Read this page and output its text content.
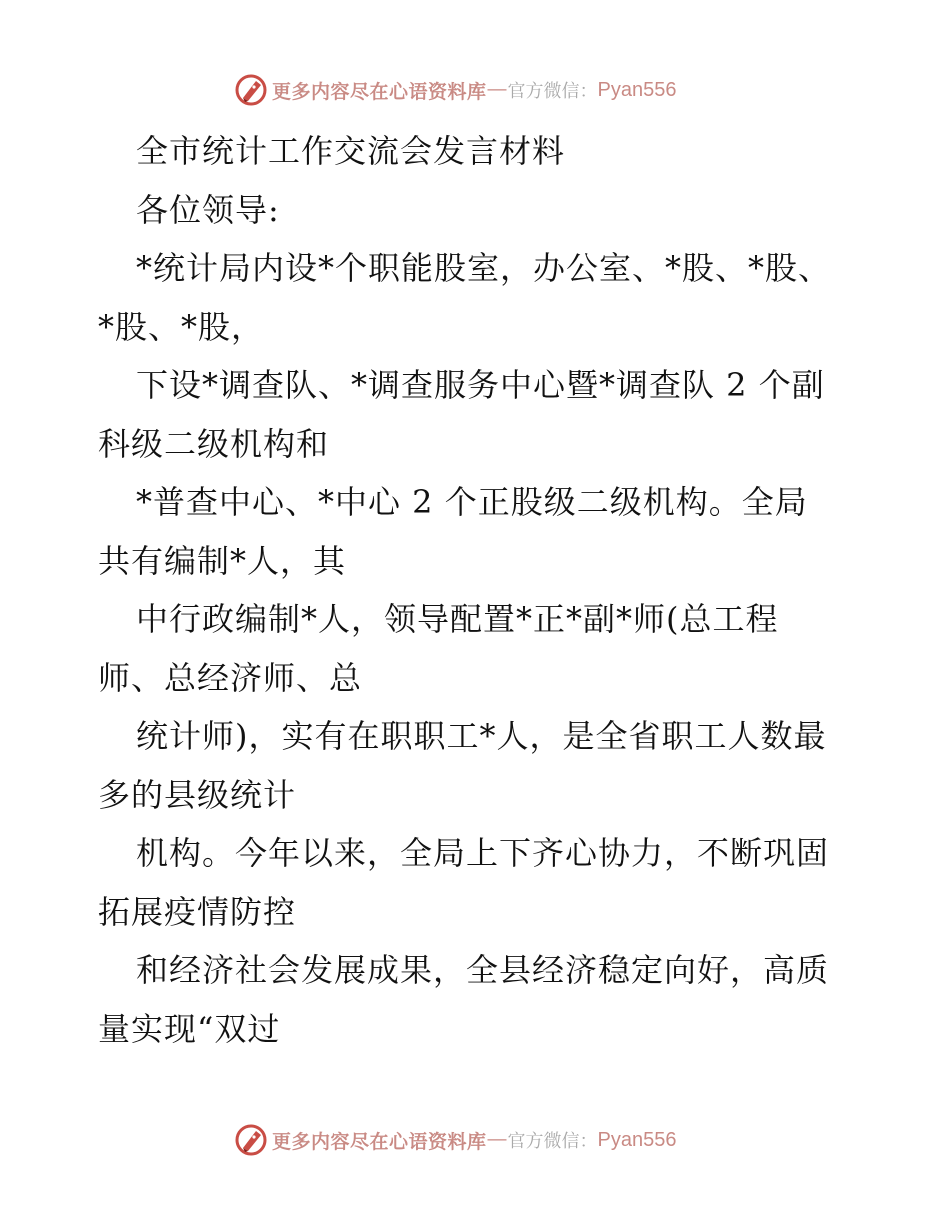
更多内容尽在心语资料库 — 官方微信： Pyan556
全市统计工作交流会发言材料
各位领导:
*统计局内设*个职能股室，办公室、*股、*股、
*股、*股，
下设*调查队、*调查服务中心暨*调查队 2 个副
科级二级机构和
*普查中心、*中心 2 个正股级二级机构。全局
共有编制*人，其
中行政编制*人，领导配置*正*副*师(总工程
师、总经济师、总
统计师)，实有在职职工*人，是全省职工人数最
多的县级统计
机构。今年以来，全局上下齐心协力，不断巩固
拓展疫情防控
和经济社会发展成果，全县经济稳定向好，高质
量实现“双过
更多内容尽在心语资料库 — 官方微信： Pyan556
